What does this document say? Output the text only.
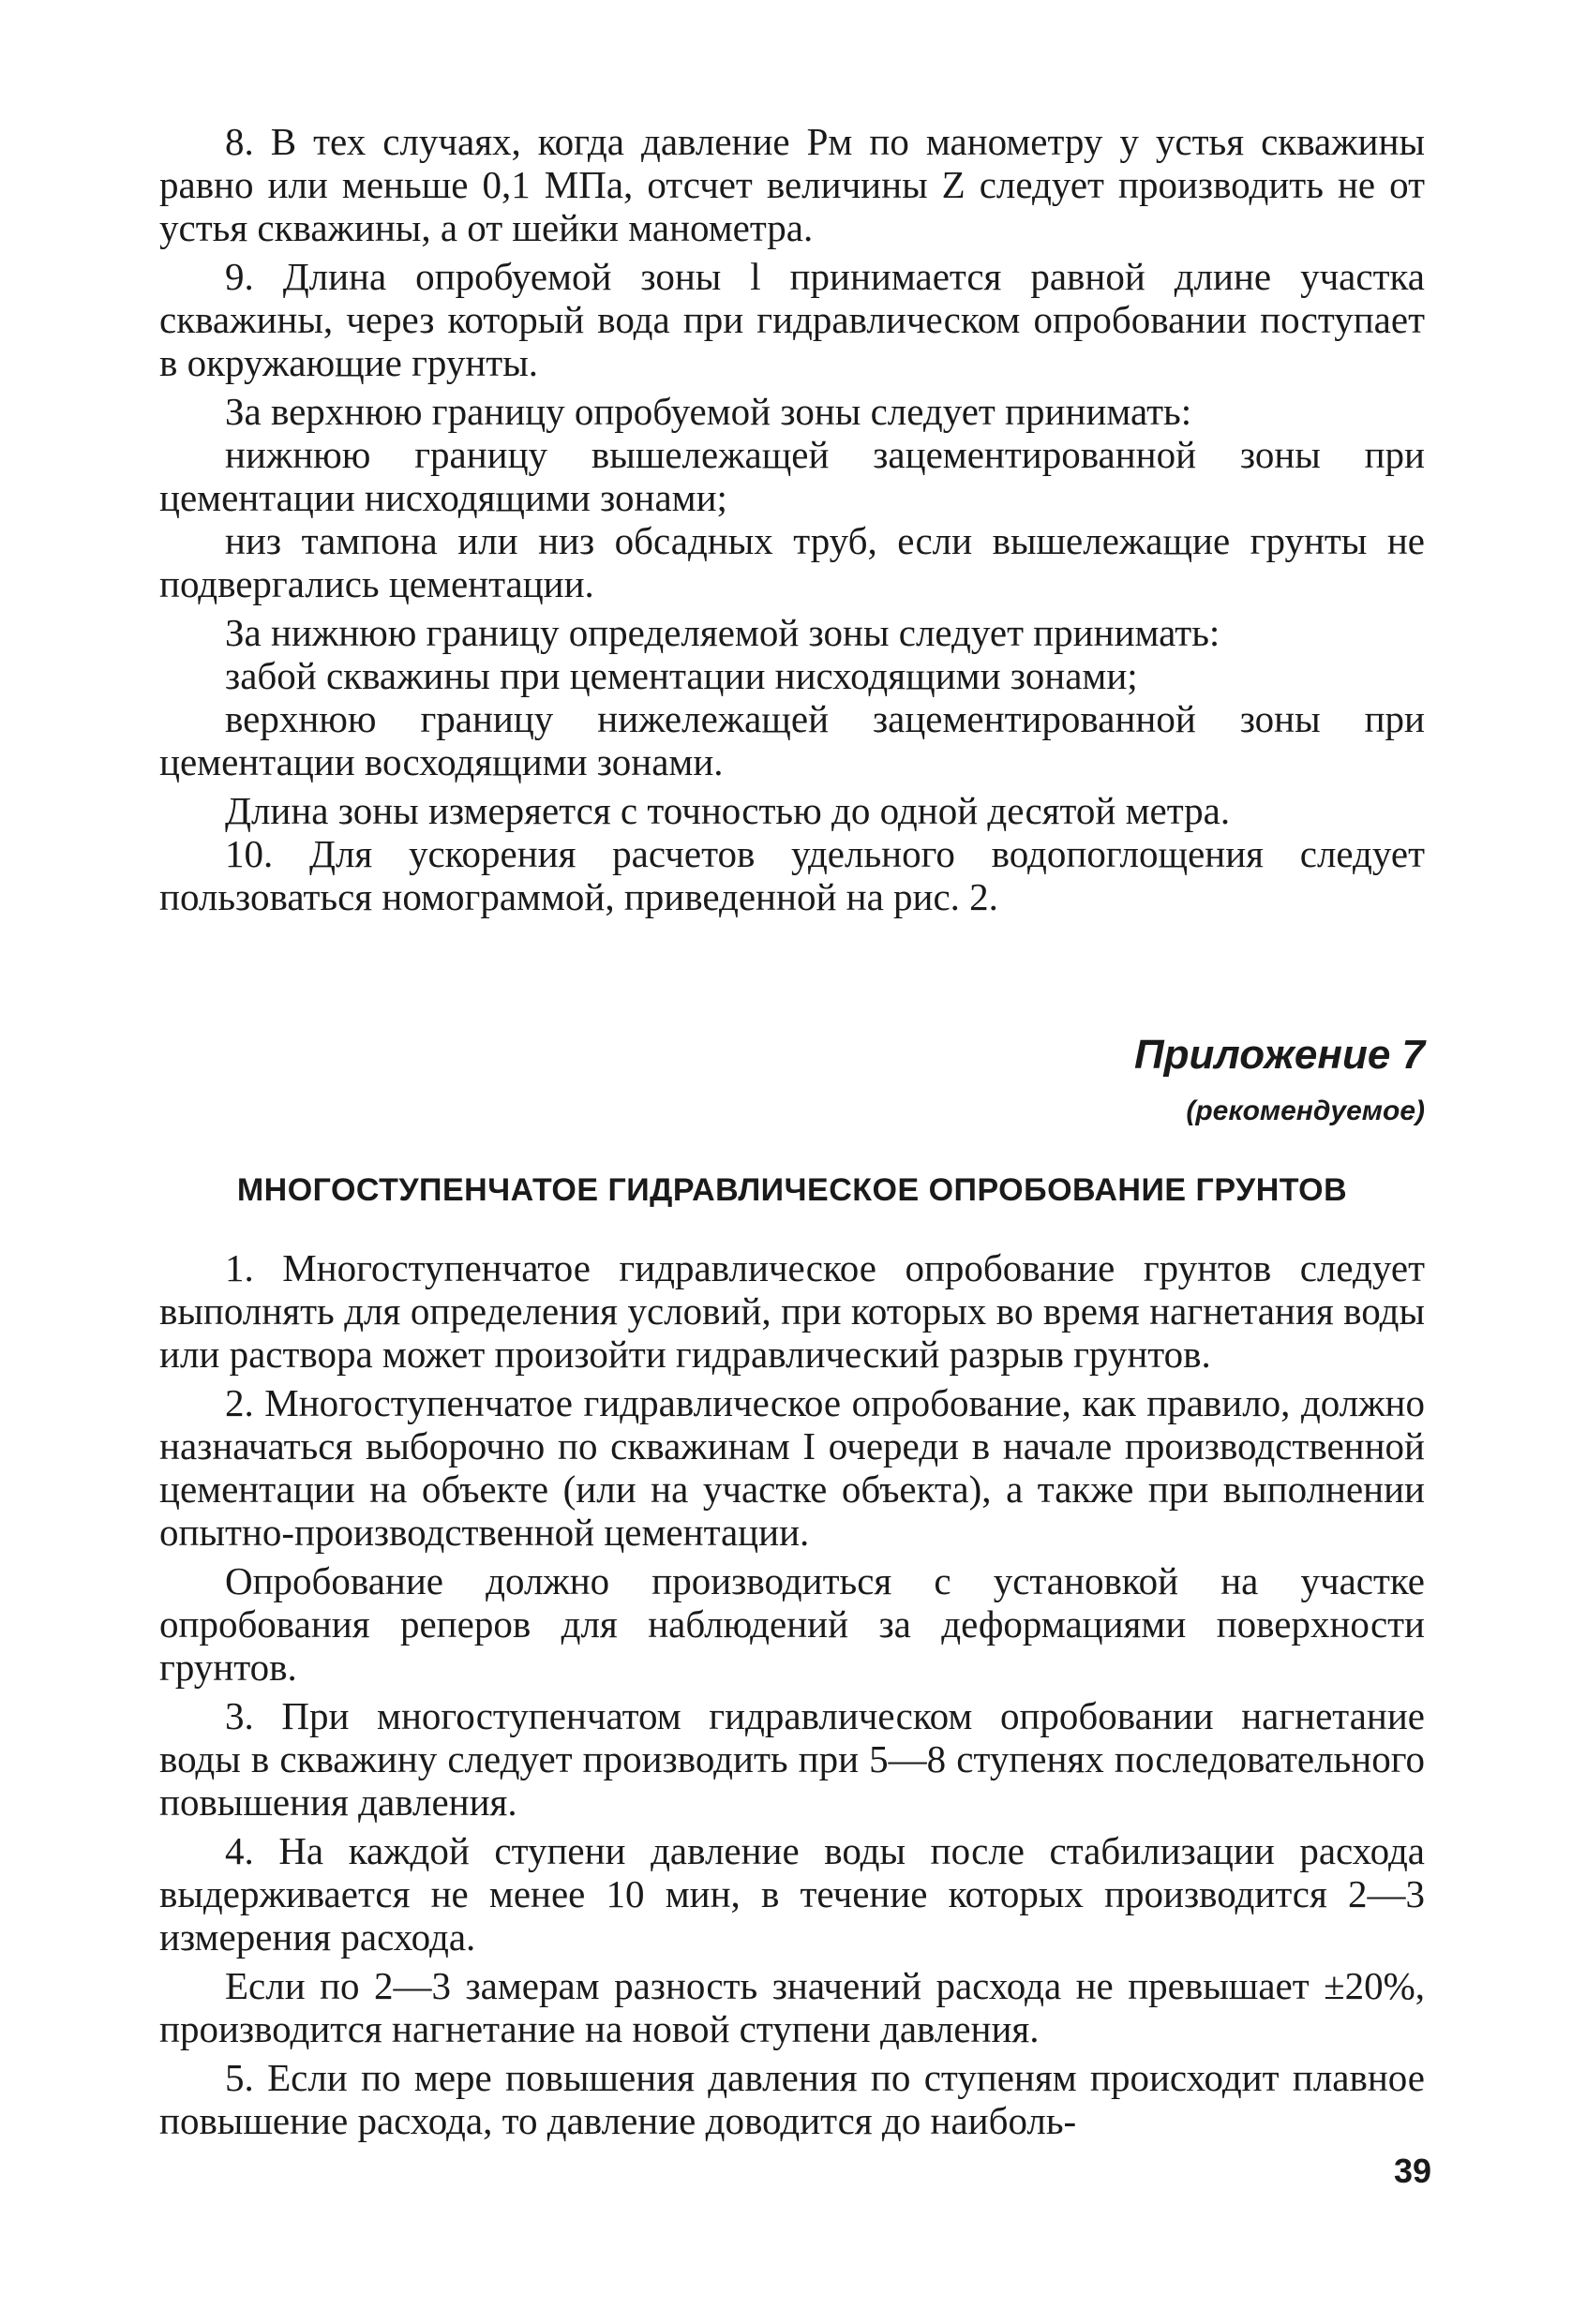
8. В тех случаях, когда давление Pм по манометру у устья скважины равно или меньше 0,1 МПа, отсчет величины Z следует производить не от устья скважины, а от шейки манометра.

9. Длина опробуемой зоны l принимается равной длине участка скважины, через который вода при гидравлическом опробовании поступает в окружающие грунты.

За верхнюю границу опробуемой зоны следует принимать:

нижнюю границу вышележащей зацементированной зоны при цементации нисходящими зонами;

низ тампона или низ обсадных труб, если вышележащие грунты не подвергались цементации.

За нижнюю границу определяемой зоны следует принимать:

забой скважины при цементации нисходящими зонами;

верхнюю границу нижележащей зацементированной зоны при цементации восходящими зонами.

Длина зоны измеряется с точностью до одной десятой метра.

10. Для ускорения расчетов удельного водопоглощения следует пользоваться номограммой, приведенной на рис. 2.

Приложение 7
(рекомендуемое)
МНОГОСТУПЕНЧАТОЕ ГИДРАВЛИЧЕСКОЕ ОПРОБОВАНИЕ ГРУНТОВ

1. Многоступенчатое гидравлическое опробование грунтов следует выполнять для определения условий, при которых во время нагнетания воды или раствора может произойти гидравлический разрыв грунтов.

2. Многоступенчатое гидравлическое опробование, как правило, должно назначаться выборочно по скважинам I очереди в начале производственной цементации на объекте (или на участке объекта), а также при выполнении опытно-производственной цементации.

Опробование должно производиться с установкой на участке опробования реперов для наблюдений за деформациями поверхности грунтов.

3. При многоступенчатом гидравлическом опробовании нагнетание воды в скважину следует производить при 5—8 ступенях последовательного повышения давления.

4. На каждой ступени давление воды после стабилизации расхода выдерживается не менее 10 мин, в течение которых производится 2—3 измерения расхода.

Если по 2—3 замерам разность значений расхода не превышает ±20%, производится нагнетание на новой ступени давления.

5. Если по мере повышения давления по ступеням происходит плавное повышение расхода, то давление доводится до наиболь-

39
